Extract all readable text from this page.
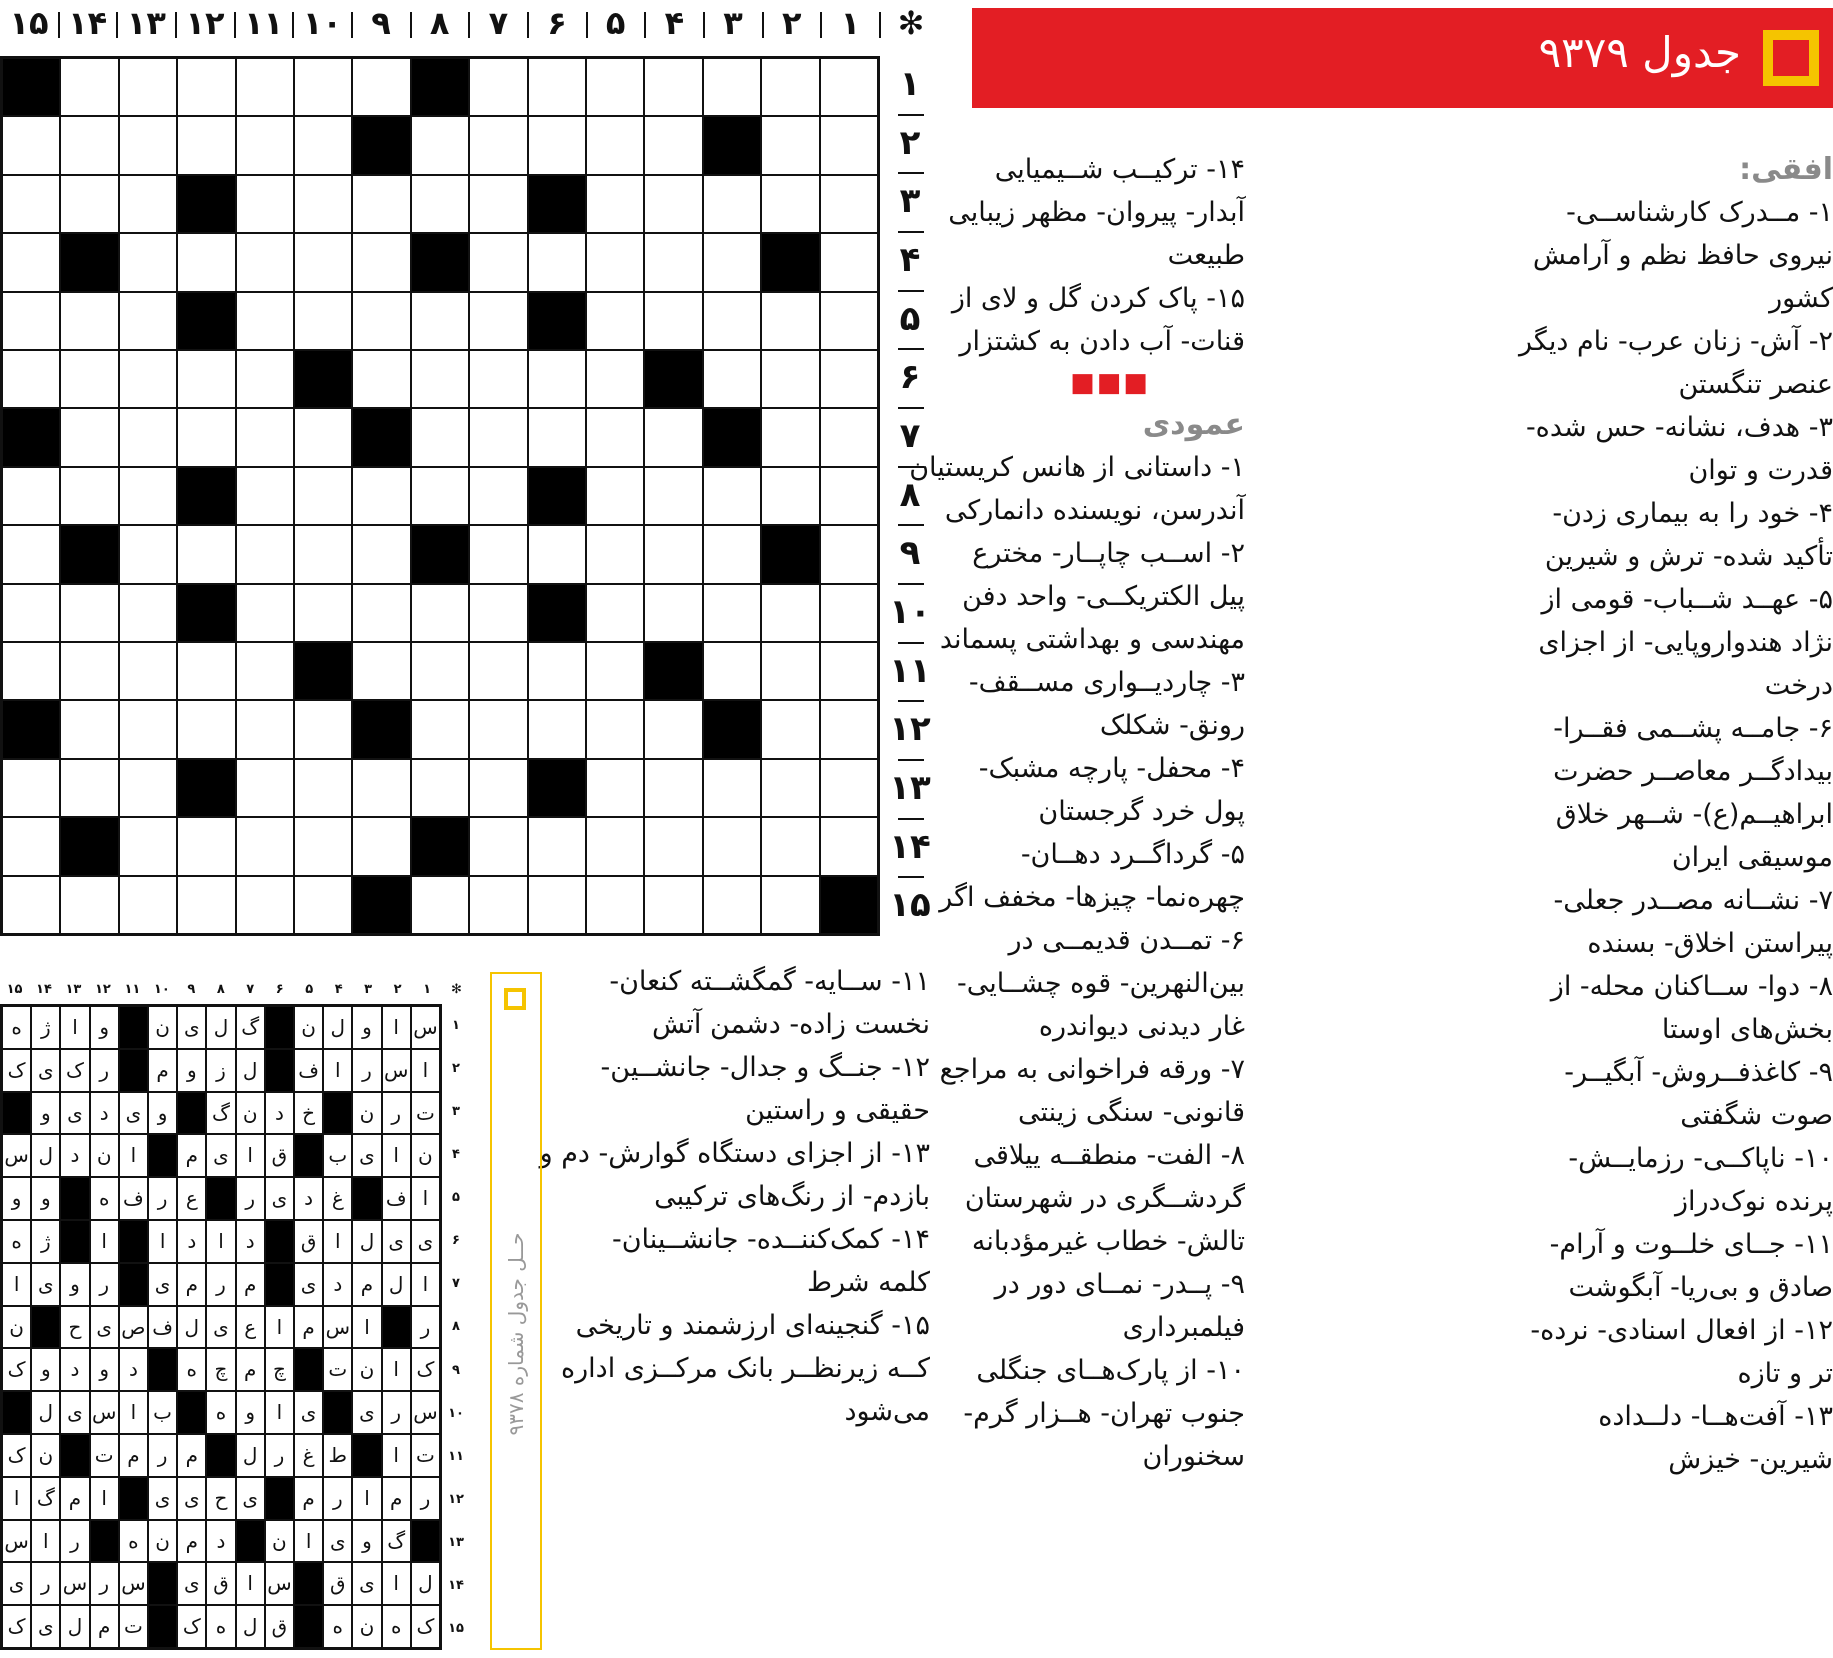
✻
۱
۲
۳
۴
۵
۶
۷
۸
۹
۱۰
۱۱
۱۲
۱۳
۱۴
۱۵
۱
۲
۳
۴
۵
۶
۷
۸
۹
۱۰
۱۱
۱۲
۱۳
۱۴
۱۵
جدول ۹۳۷۹
افقی:
۱- مــدرک کارشناســی-
نیروی حافظ نظم و آرامش
کشور
۲- آش- زنان عرب- نام دیگر
عنصر تنگستن
۳- هدف، نشانه- حس شده-
قدرت و توان
۴- خود را به بیماری زدن-
تأکید شده- ترش و شیرین
۵- عهــد شــباب- قومی از
نژاد هندواروپایی- از اجزای
درخت
۶- جامــه پشــمی فقــرا-
بیدادگــر معاصــر حضرت
ابراهیــم(ع)- شــهر خلاق
موسیقی ایران
۷- نشــانه مصــدر جعلی-
پیراستن اخلاق- بسنده
۸- دوا- ســاکنان محله- از
بخش‌های اوستا
۹- کاغذفــروش- آبگیــر-
صوت شگفتی
۱۰- ناپاکــی- رزمایــش-
پرنده نوک‌دراز
۱۱- جــای خلــوت و آرام-
صادق و بی‌ریا- آبگوشت
۱۲- از افعال اسنادی- نرده-
تر و تازه
۱۳- آفت‌هــا- دلــداده
شیرین- خیزش
۱۴- ترکیــب شــیمیایی
آبدار- پیروان- مظهر زیبایی
طبیعت
۱۵- پاک کردن گل و لای از
قنات- آب دادن به کشتزار
■■■
عمودی
۱- داستانی از هانس کریستیان
آندرسن، نویسنده دانمارکی
۲- اســب چاپــار- مخترع
پیل الکتریکــی- واحد دفن
مهندسی و بهداشتی پسماند
۳- چاردیــواری مســقف-
رونق- شکلک
۴- محفل- پارچه مشبک-
پول خرد گرجستان
۵- گرداگــرد دهــان-
چهره‌نما- چیزها- مخفف اگر
۶- تمــدن قدیمــی در
بین‌النهرین- قوه چشــایی-
غار دیدنی دیواندره
۷- ورقه فراخوانی به مراجع
قانونی- سنگی زینتی
۸- الفت- منطقــه ییلاقی
گردشــگری در شهرستان
تالش- خطاب غیرمؤدبانه
۹- پــدر- نمــای دور در
فیلمبرداری
۱۰- از پارک‌هــای جنگلی
جنوب تهران- هــزار گرم-
سخنوران
۱۱- ســایه- گمگشــته کنعان-
نخست زاده- دشمن آتش
۱۲- جنــگ و جدال- جانشــین-
حقیقی و راستین
۱۳- از اجزای دستگاه گوارش- دم و
بازدم- از رنگ‌های ترکیبی
۱۴- کمک‌کننــده- جانشــینان-
کلمه شرط
۱۵- گنجینه‌ای ارزشمند و تاریخی
کــه زیرنظــر بانک مرکــزی اداره
می‌شود
حــل جدول شماره ۹۳۷۸
✻
۱
۲
۳
۴
۵
۶
۷
۸
۹
۱۰
۱۱
۱۲
۱۳
۱۴
۱۵
ه ژ	ا	و	ن ی ل گ	ن ل و	ا س
ک ی ک ر	م و ز ل	ف ا	ر س ا
و ی د ی و	گ ن د خ	ن ر ت
س ل د ن ا	م ی ا ق	ب ی ا ن
و و	ه ف ر ع	ر ی د غ	ف ا
ه ژ	ا	ا	د	ا	د	ق ا ل ی ی
ا ی و ر	ی م ر م	ی د م ل ا
ن	ح ی ص ف ل ی ع	ا	م س ا	ر
ک و د و د	ه چ م چ	ت ن ا ک
ل ی س ا ب	ه و	ا ی	ی ر س
ک ن	ت م ر م	ل ر غ ط	ا ت
ا گ م	ا	ی ی ح ی	م ر	ا	م ر
س ا	ر	ه ن م د	ن ا ی و گ
ی ر س ر س	ی ق ا س	ق ی ا ل
ک ی ل م ت ک ه ل ق	ه ن ه ک
۱
۲
۳
۴
۵
۶
۷
۸
۹
۱۰
۱۱
۱۲
۱۳
۱۴
۱۵
